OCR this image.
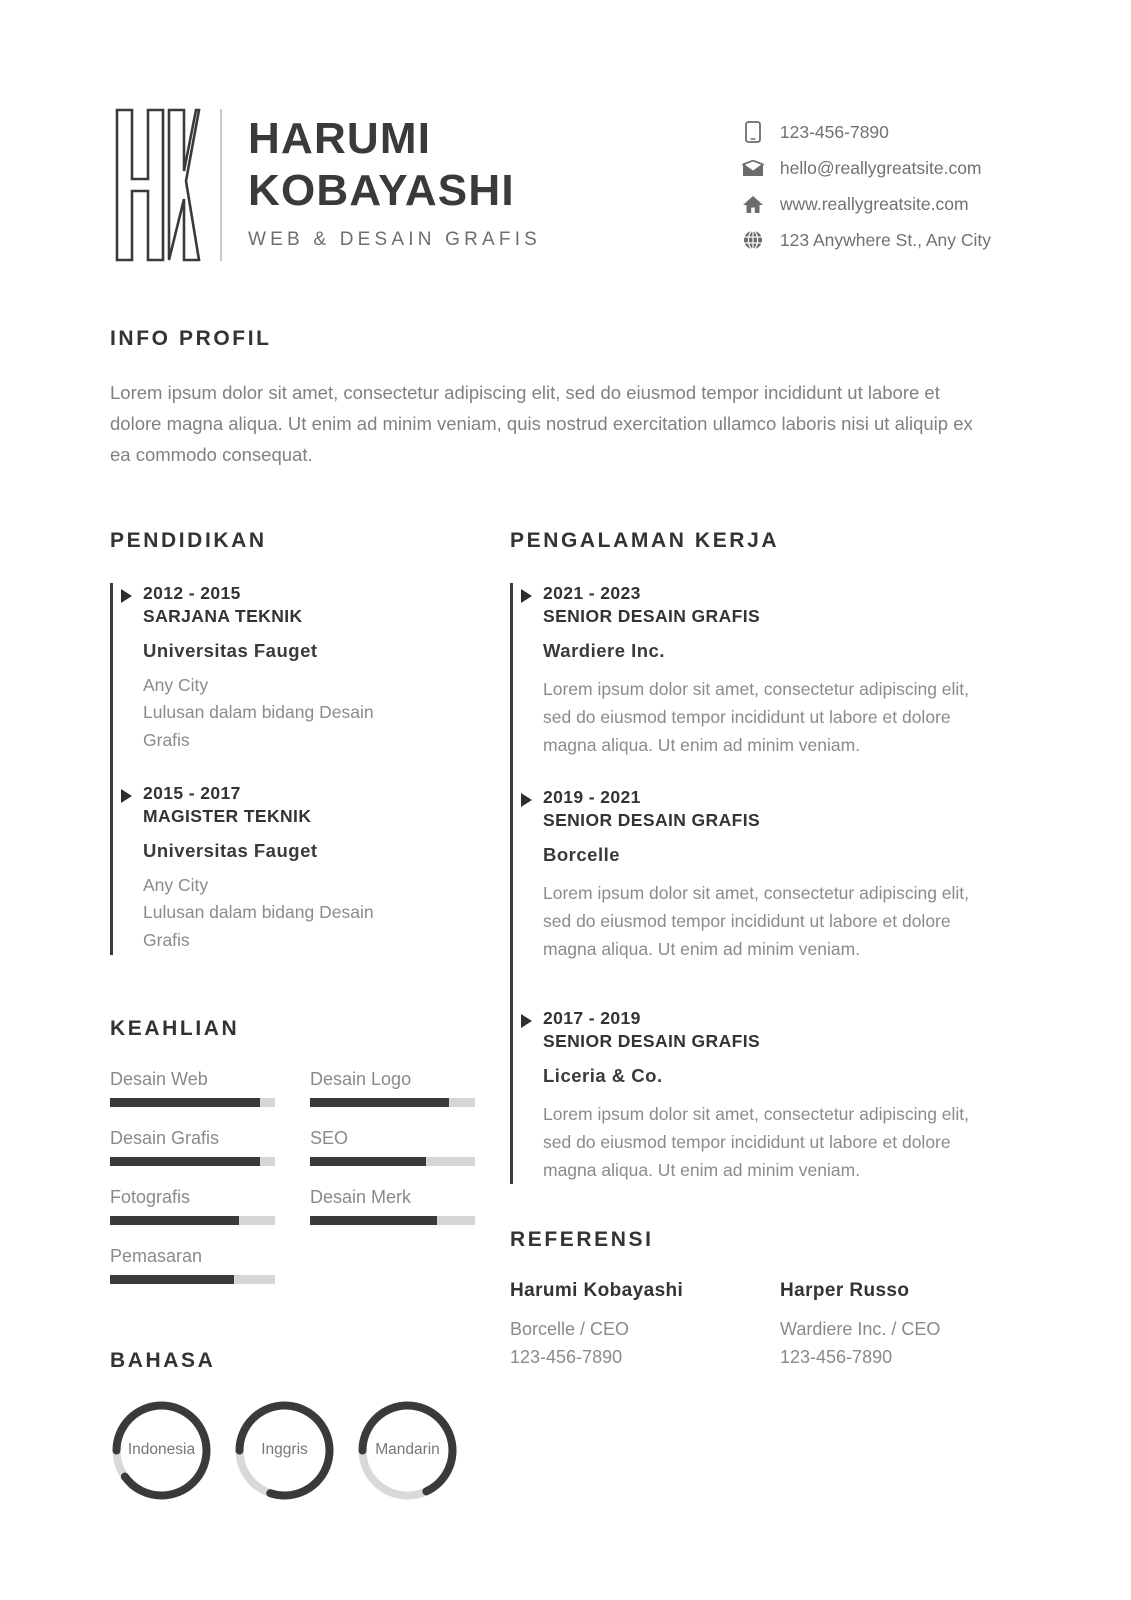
HARUMI
KOBAYASHI
WEB & DESAIN GRAFIS
123-456-7890
hello@reallygreatsite.com
www.reallygreatsite.com
123 Anywhere St., Any City
INFO PROFIL

Lorem ipsum dolor sit amet, consectetur adipiscing elit, sed do eiusmod tempor incididunt ut labore et dolore magna aliqua. Ut enim ad minim veniam, quis nostrud exercitation ullamco laboris nisi ut aliquip ex ea commodo consequat.

PENDIDIKAN
2012 - 2015
SARJANA TEKNIK
Universitas Fauget
Any City
Lulusan dalam bidang Desain
Grafis
2015 - 2017
MAGISTER TEKNIK
Universitas Fauget
Any City
Lulusan dalam bidang Desain
Grafis
KEAHLIAN
Desain Web	Desain Logo
Desain Grafis	SEO
Fotografis	Desain Merk
Pemasaran
BAHASA
Indonesia	Inggris	Mandarin
PENGALAMAN KERJA
2021 - 2023
SENIOR DESAIN GRAFIS
Wardiere Inc.
Lorem ipsum dolor sit amet, consectetur adipiscing elit, sed do eiusmod tempor incididunt ut labore et dolore magna aliqua. Ut enim ad minim veniam.
2019 - 2021
SENIOR DESAIN GRAFIS
Borcelle
Lorem ipsum dolor sit amet, consectetur adipiscing elit, sed do eiusmod tempor incididunt ut labore et dolore magna aliqua. Ut enim ad minim veniam.
2017 - 2019
SENIOR DESAIN GRAFIS
Liceria & Co.
Lorem ipsum dolor sit amet, consectetur adipiscing elit, sed do eiusmod tempor incididunt ut labore et dolore magna aliqua. Ut enim ad minim veniam.
REFERENSI
Harumi Kobayashi
Borcelle / CEO
123-456-7890
Harper Russo
Wardiere Inc. / CEO
123-456-7890
